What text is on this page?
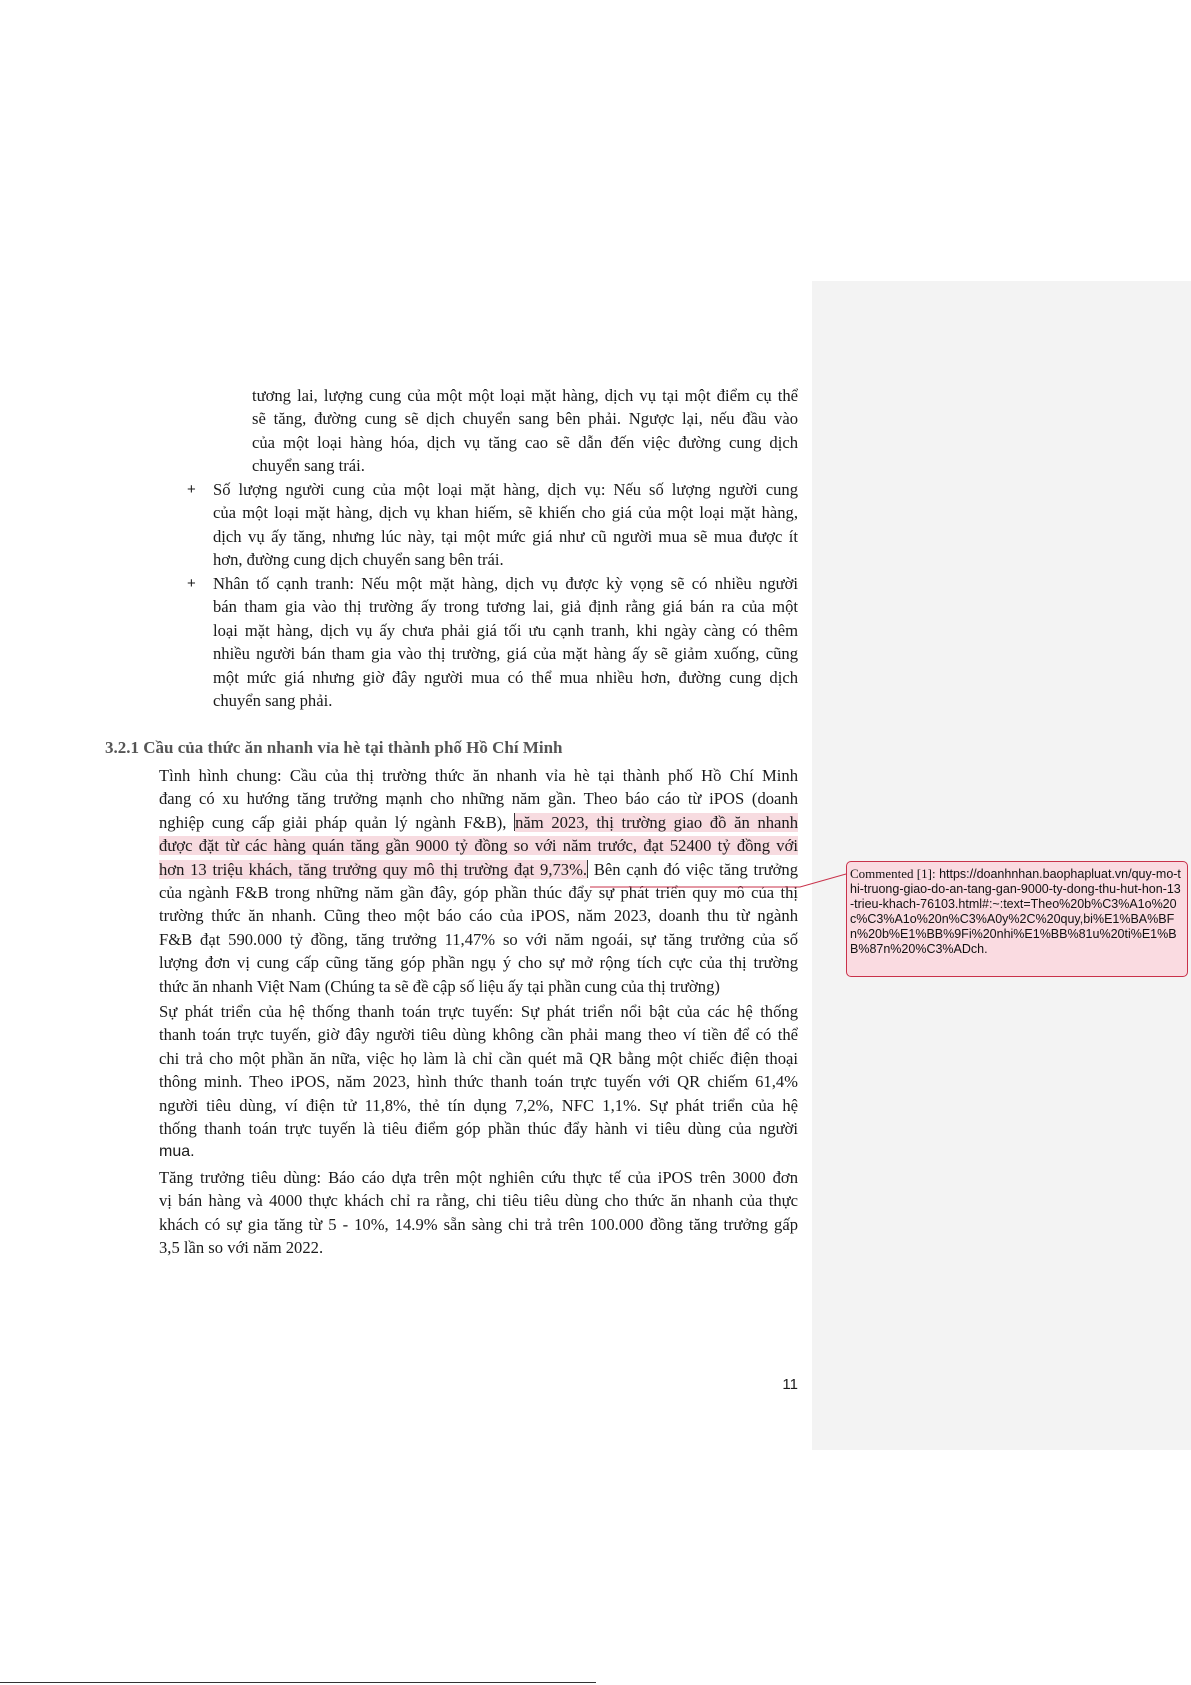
tương lai, lượng cung của một một loại mặt hàng, dịch vụ tại một điểm cụ thể
sẽ tăng, đường cung sẽ dịch chuyển sang bên phải. Ngược lại, nếu đầu vào
của một loại hàng hóa, dịch vụ tăng cao sẽ dẫn đến việc đường cung dịch
chuyển sang trái.
+ Số lượng người cung của một loại mặt hàng, dịch vụ: Nếu số lượng người cung
của một loại mặt hàng, dịch vụ khan hiếm, sẽ khiến cho giá của một loại mặt hàng,
dịch vụ ấy tăng, nhưng lúc này, tại một mức giá như cũ người mua sẽ mua được ít
hơn, đường cung dịch chuyển sang bên trái.
+ Nhân tố cạnh tranh: Nếu một mặt hàng, dịch vụ được kỳ vọng sẽ có nhiều người
bán tham gia vào thị trường ấy trong tương lai, giả định rằng giá bán ra của một
loại mặt hàng, dịch vụ ấy chưa phải giá tối ưu cạnh tranh, khi ngày càng có thêm
nhiều người bán tham gia vào thị trường, giá của mặt hàng ấy sẽ giảm xuống, cũng
một mức giá nhưng giờ đây người mua có thể mua nhiều hơn, đường cung dịch
chuyển sang phải.
3.2.1 Cầu của thức ăn nhanh vỉa hè tại thành phố Hồ Chí Minh
Tình hình chung: Cầu của thị trường thức ăn nhanh vỉa hè tại thành phố Hồ Chí Minh
đang có xu hướng tăng trưởng mạnh cho những năm gần. Theo báo cáo từ iPOS (doanh
nghiệp cung cấp giải pháp quản lý ngành F&B), năm 2023, thị trường giao đồ ăn nhanh
được đặt từ các hàng quán tăng gần 9000 tỷ đồng so với năm trước, đạt 52400 tỷ đồng với
hơn 13 triệu khách, tăng trưởng quy mô thị trường đạt 9,73%. Bên cạnh đó việc tăng trưởng
của ngành F&B trong những năm gần đây, góp phần thúc đẩy sự phát triển quy mô của thị
trường thức ăn nhanh. Cũng theo một báo cáo của iPOS, năm 2023, doanh thu từ ngành
F&B đạt 590.000 tỷ đồng, tăng trưởng 11,47% so với năm ngoái, sự tăng trưởng của số
lượng đơn vị cung cấp cũng tăng góp phần ngụ ý cho sự mở rộng tích cực của thị trường
thức ăn nhanh Việt Nam (Chúng ta sẽ đề cập số liệu ấy tại phần cung của thị trường)
Sự phát triển của hệ thống thanh toán trực tuyến: Sự phát triển nổi bật của các hệ thống
thanh toán trực tuyến, giờ đây người tiêu dùng không cần phải mang theo ví tiền để có thể
chi trả cho một phần ăn nữa, việc họ làm là chỉ cần quét mã QR bằng một chiếc điện thoại
thông minh. Theo iPOS, năm 2023, hình thức thanh toán trực tuyến với QR chiếm 61,4%
người tiêu dùng, ví điện tử 11,8%, thẻ tín dụng 7,2%, NFC 1,1%. Sự phát triển của hệ
thống thanh toán trực tuyến là tiêu điểm góp phần thúc đẩy hành vi tiêu dùng của người
mua.
Tăng trưởng tiêu dùng: Báo cáo dựa trên một nghiên cứu thực tế của iPOS trên 3000 đơn
vị bán hàng và 4000 thực khách chỉ ra rằng, chi tiêu tiêu dùng cho thức ăn nhanh của thực
khách có sự gia tăng từ 5 - 10%, 14.9% sẵn sàng chi trả trên 100.000 đồng tăng trưởng gấp
3,5 lần so với năm 2022.
11
Commented [1]: https://doanhnhan.baophapluat.vn/quy-mo-thi-truong-giao-do-an-tang-gan-9000-ty-dong-thu-hut-hon-13-trieu-khach-76103.html#:~:text=Theo%20b%C3%A1o%20c%C3%A1o%20n%C3%A0y%2C%20quy,bi%E1%BA%BFn%20b%E1%BB%9Fi%20nhi%E1%BB%81u%20ti%E1%BB%87n%20%C3%ADch.
